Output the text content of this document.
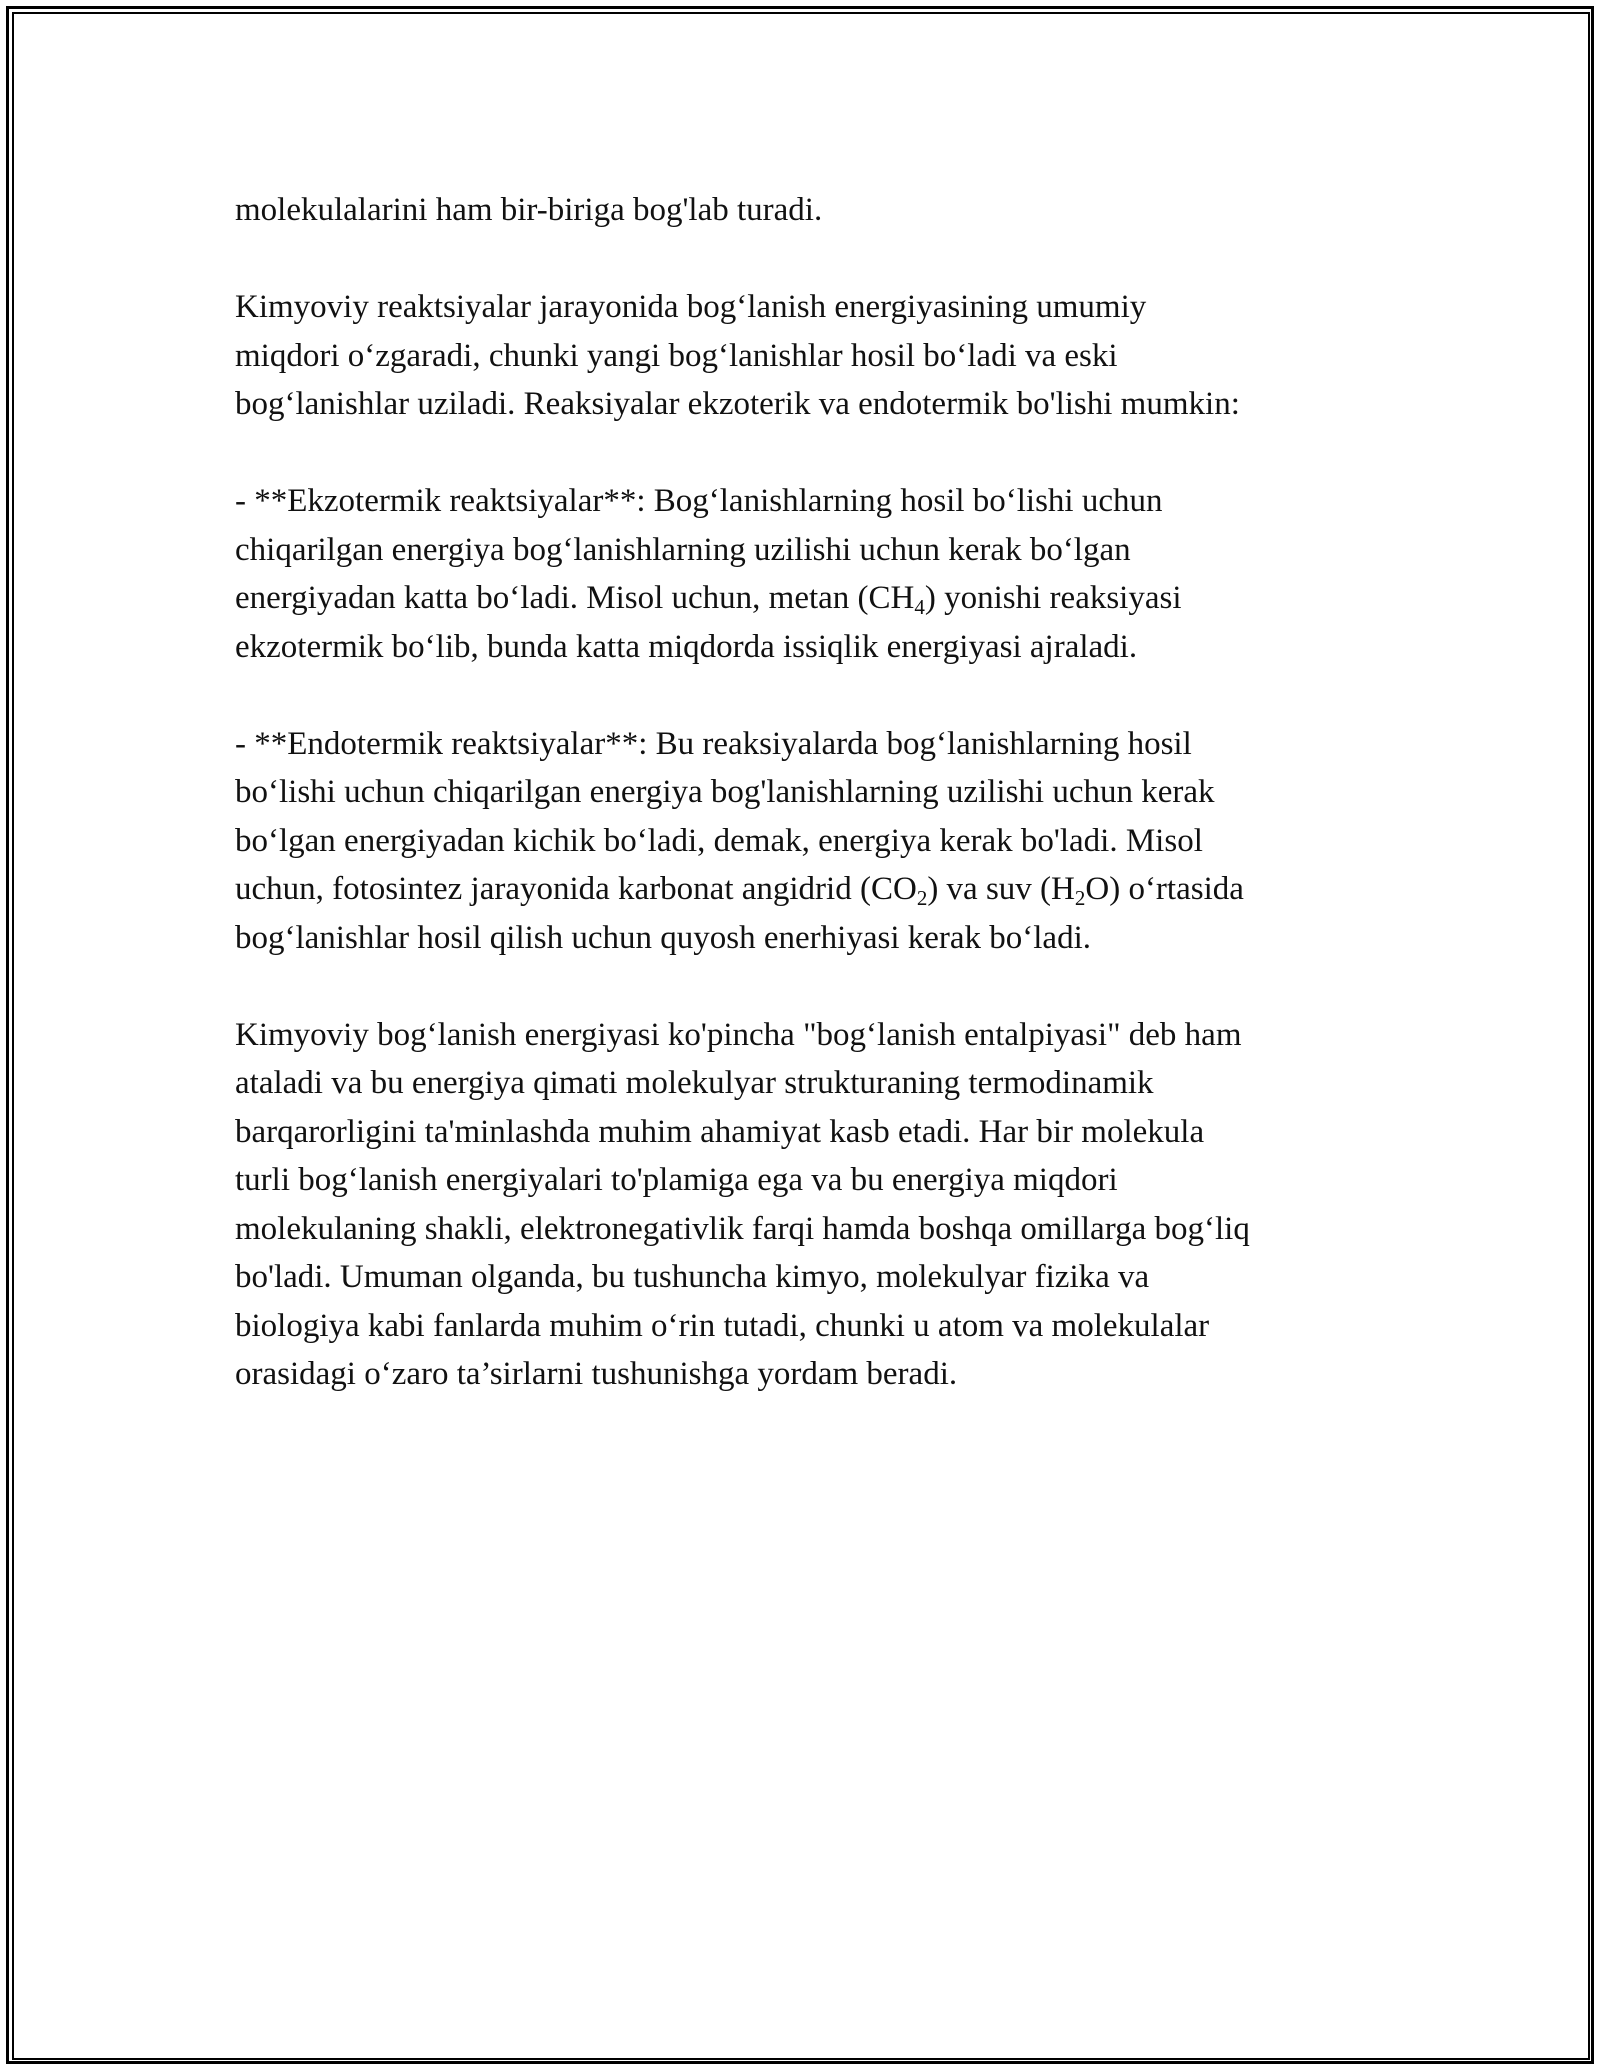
molekulalarini ham bir-biriga bog'lab turadi.

Kimyoviy reaktsiyalar jarayonida bog‘lanish energiyasining umumiy
miqdori o‘zgaradi, chunki yangi bog‘lanishlar hosil bo‘ladi va eski
bog‘lanishlar uziladi. Reaksiyalar ekzoterik va endotermik bo'lishi mumkin:

- **Ekzotermik reaktsiyalar**: Bog‘lanishlarning hosil bo‘lishi uchun
chiqarilgan energiya bog‘lanishlarning uzilishi uchun kerak bo‘lgan
energiyadan katta bo‘ladi. Misol uchun, metan $(CH_4)$ yonishi reaksiyasi
ekzotermik bo‘lib, bunda katta miqdorda issiqlik energiyasi ajraladi.

- **Endotermik reaktsiyalar**: Bu reaksiyalarda bog‘lanishlarning hosil
bo‘lishi uchun chiqarilgan energiya bog'lanishlarning uzilishi uchun kerak
bo‘lgan energiyadan kichik bo‘ladi, demak, energiya kerak bo'ladi. Misol
uchun, fotosintez jarayonida karbonat angidrid $(CO_2)$ va suv $(H_2O)$ o‘rtasida
bog‘lanishlar hosil qilish uchun quyosh enerhiyasi kerak bo‘ladi.

Kimyoviy bog‘lanish energiyasi ko'pincha "bog‘lanish entalpiyasi" deb ham
ataladi va bu energiya qimati molekulyar strukturaning termodinamik
barqarorligini ta'minlashda muhim ahamiyat kasb etadi. Har bir molekula
turli bog‘lanish energiyalari to'plamiga ega va bu energiya miqdori
molekulaning shakli, elektronegativlik farqi hamda boshqa omillarga bog‘liq
bo'ladi. Umuman olganda, bu tushuncha kimyo, molekulyar fizika va
biologiya kabi fanlarda muhim o‘rin tutadi, chunki u atom va molekulalar
orasidagi o‘zaro ta’sirlarni tushunishga yordam beradi.
